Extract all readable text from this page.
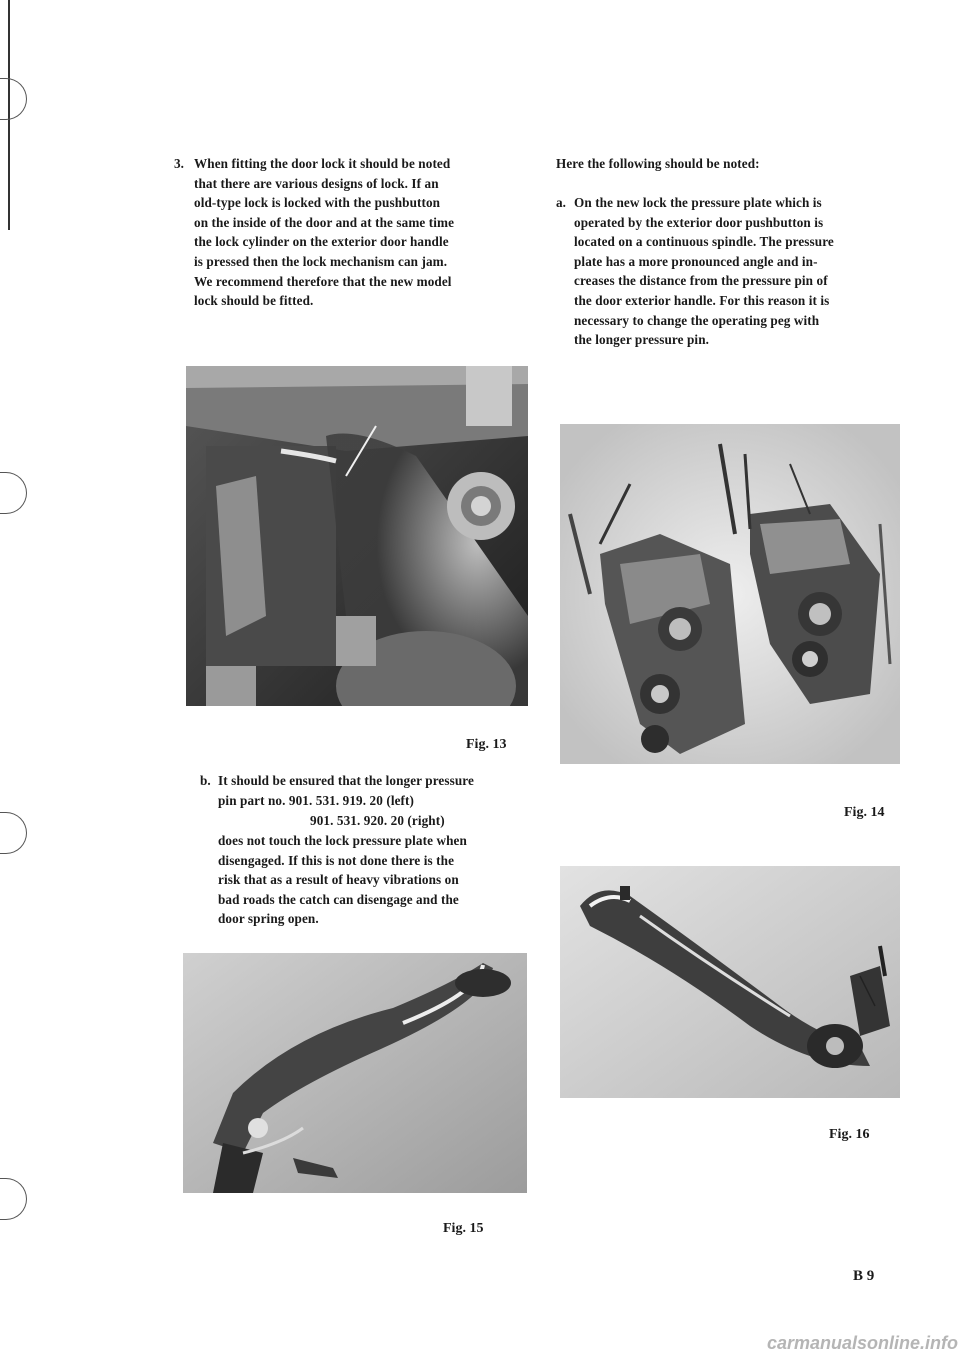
3. When fitting the door lock it should be noted
that there are various designs of lock. If an
old-type lock is locked with the pushbutton
on the inside of the door and at the same time
the lock cylinder on the exterior door handle
is pressed then the lock mechanism can jam.
We recommend therefore that the new model
lock should be fitted.
Fig. 13
b. It should be ensured that the longer pressure
pin part no. 901. 531. 919. 20 (left)
901. 531. 920. 20 (right)
does not touch the lock pressure plate when
disengaged. If this is not done there is the
risk that as a result of heavy vibrations on
bad roads the catch can disengage and the
door spring open.
Fig. 15
Here the following should be noted:
a. On the new lock the pressure plate which is
operated by the exterior door pushbutton is
located on a continuous spindle. The pressure
plate has a more pronounced angle and in-
creases the distance from the pressure pin of
the door exterior handle. For this reason it is
necessary to change the operating peg with
the longer pressure pin.
Fig. 14
Fig. 16
B 9
carmanualsonline.info
